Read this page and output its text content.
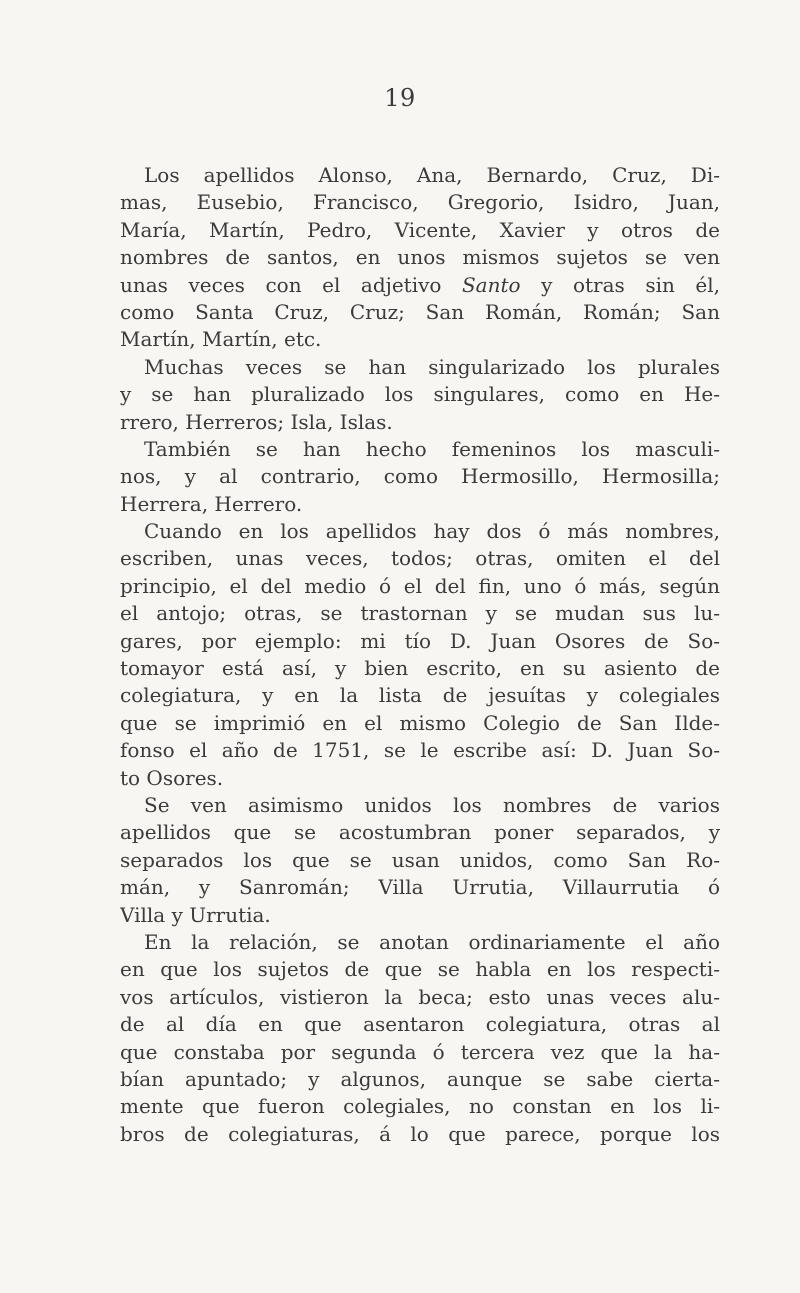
19
Los apellidos Alonso, Ana, Bernardo, Cruz, Di-
mas, Eusebio, Francisco, Gregorio, Isidro, Juan,
María, Martín, Pedro, Vicente, Xavier y otros de
nombres de santos, en unos mismos sujetos se ven
unas veces con el adjetivo Santo y otras sin él,
como Santa Cruz, Cruz; San Román, Román; San
Martín, Martín, etc.
Muchas veces se han singularizado los plurales
y se han pluralizado los singulares, como en He-
rrero, Herreros; Isla, Islas.
También se han hecho femeninos los masculi-
nos, y al contrario, como Hermosillo, Hermosilla;
Herrera, Herrero.
Cuando en los apellidos hay dos ó más nombres,
escriben, unas veces, todos; otras, omiten el del
principio, el del medio ó el del fin, uno ó más, según
el antojo; otras, se trastornan y se mudan sus lu-
gares, por ejemplo: mi tío D. Juan Osores de So-
tomayor está así, y bien escrito, en su asiento de
colegiatura, y en la lista de jesuítas y colegiales
que se imprimió en el mismo Colegio de San Ilde-
fonso el año de 1751, se le escribe así: D. Juan So-
to Osores.
Se ven asimismo unidos los nombres de varios
apellidos que se acostumbran poner separados, y
separados los que se usan unidos, como San Ro-
mán, y Sanromán; Villa Urrutia, Villaurrutia ó
Villa y Urrutia.
En la relación, se anotan ordinariamente el año
en que los sujetos de que se habla en los respecti-
vos artículos, vistieron la beca; esto unas veces alu-
de al día en que asentaron colegiatura, otras al
que constaba por segunda ó tercera vez que la ha-
bían apuntado; y algunos, aunque se sabe cierta-
mente que fueron colegiales, no constan en los li-
bros de colegiaturas, á lo que parece, porque los
